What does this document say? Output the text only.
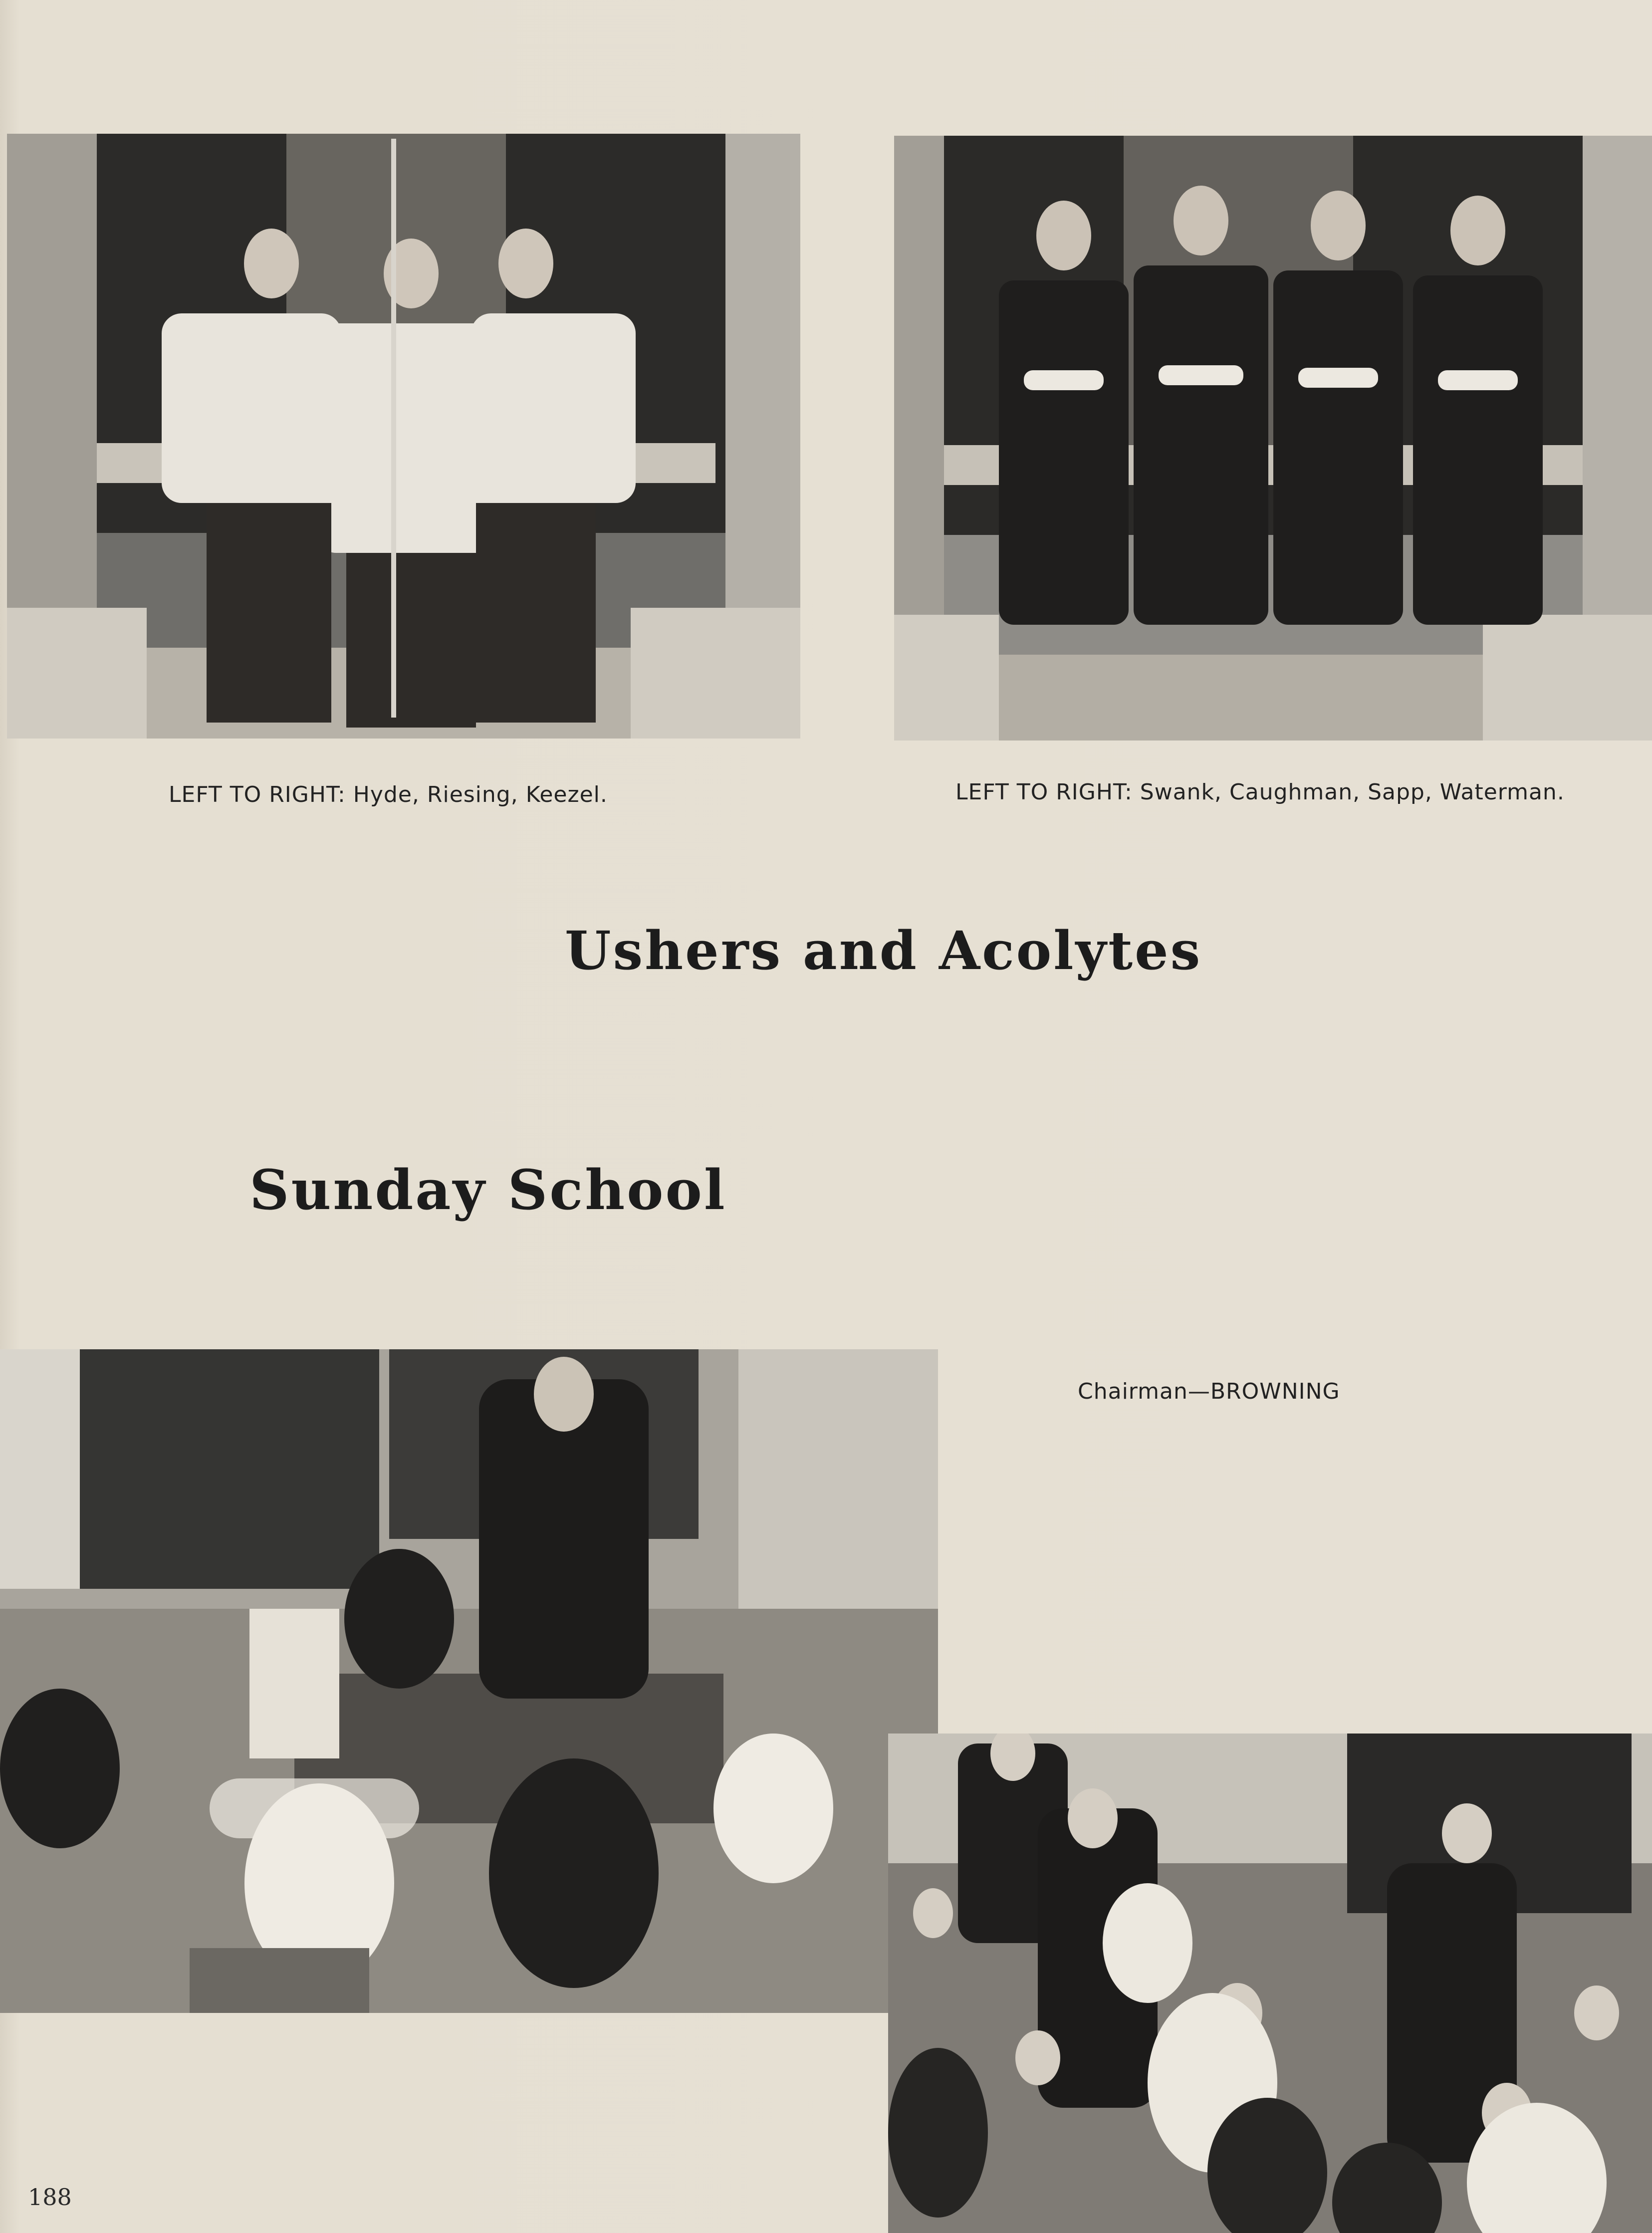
LEFT TO RIGHT: Hyde, Riesing, Keezel.	LEFT TO RIGHT: Swank, Caughman, Sapp, Waterman.
Ushers and Acolytes
Sunday School
Chairman—BROWNING
188
